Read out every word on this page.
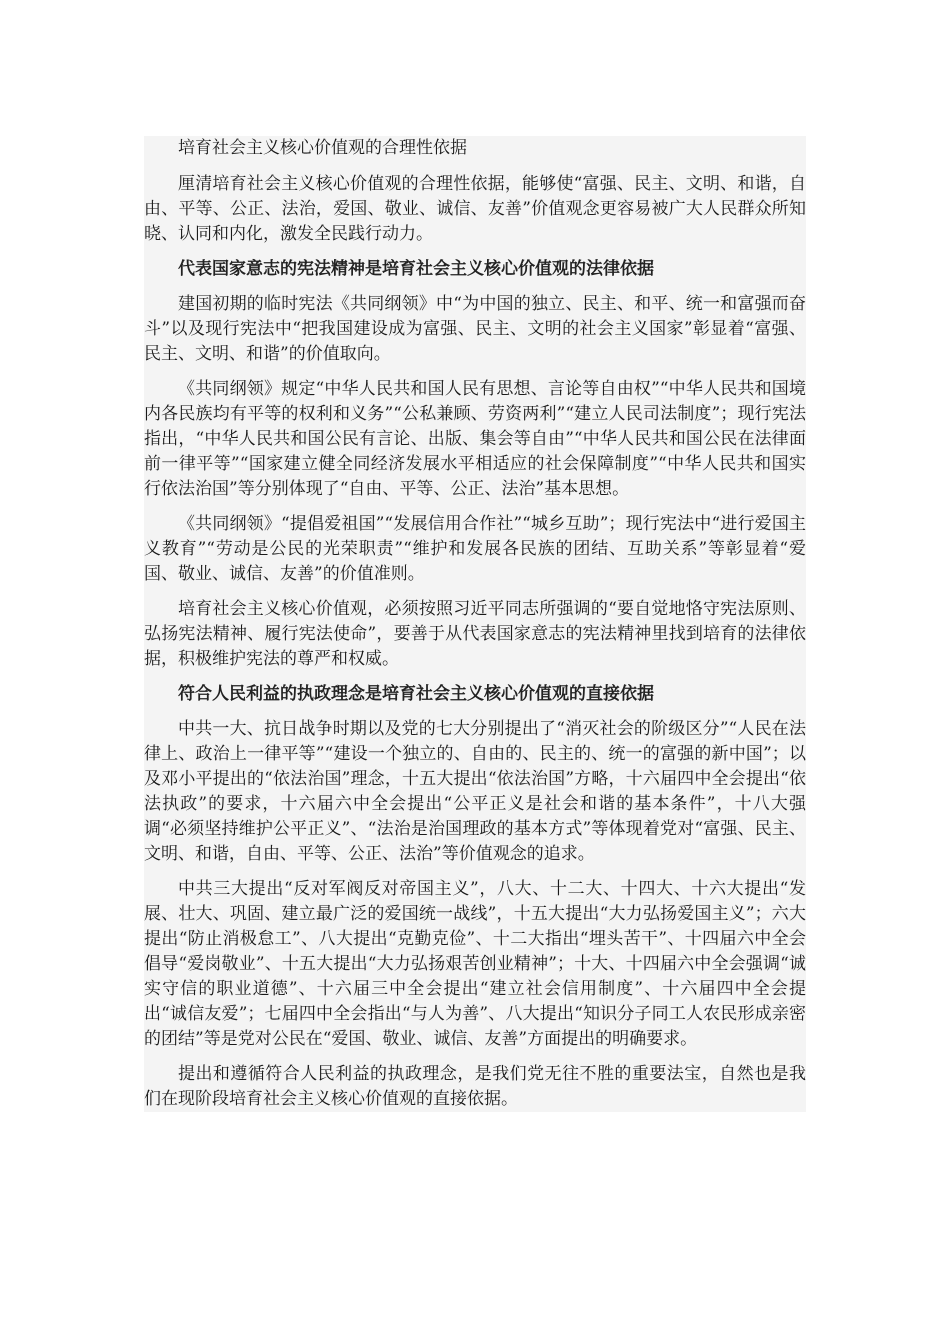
培育社会主义核心价值观的合理性依据

厘清培育社会主义核心价值观的合理性依据，能够使“富强、民主、文明、和谐，自由、平等、公正、法治，爱国、敬业、诚信、友善”价值观念更容易被广大人民群众所知晓、认同和内化，激发全民践行动力。

代表国家意志的宪法精神是培育社会主义核心价值观的法律依据

建国初期的临时宪法《共同纲领》中“为中国的独立、民主、和平、统一和富强而奋斗”以及现行宪法中“把我国建设成为富强、民主、文明的社会主义国家”彰显着“富强、民主、文明、和谐”的价值取向。

《共同纲领》规定“中华人民共和国人民有思想、言论等自由权”“中华人民共和国境内各民族均有平等的权利和义务”“公私兼顾、劳资两利”“建立人民司法制度”；现行宪法指出，“中华人民共和国公民有言论、出版、集会等自由”“中华人民共和国公民在法律面前一律平等”“国家建立健全同经济发展水平相适应的社会保障制度”“中华人民共和国实行依法治国”等分别体现了“自由、平等、公正、法治”基本思想。

《共同纲领》“提倡爱祖国”“发展信用合作社”“城乡互助”；现行宪法中“进行爱国主义教育”“劳动是公民的光荣职责”“维护和发展各民族的团结、互助关系”等彰显着“爱国、敬业、诚信、友善”的价值准则。

培育社会主义核心价值观，必须按照习近平同志所强调的“要自觉地恪守宪法原则、弘扬宪法精神、履行宪法使命”，要善于从代表国家意志的宪法精神里找到培育的法律依据，积极维护宪法的尊严和权威。

符合人民利益的执政理念是培育社会主义核心价值观的直接依据

中共一大、抗日战争时期以及党的七大分别提出了“消灭社会的阶级区分”“人民在法律上、政治上一律平等”“建设一个独立的、自由的、民主的、统一的富强的新中国”；以及邓小平提出的“依法治国”理念，十五大提出“依法治国”方略，十六届四中全会提出“依法执政”的要求，十六届六中全会提出“公平正义是社会和谐的基本条件”，十八大强调“必须坚持维护公平正义”、“法治是治国理政的基本方式”等体现着党对“富强、民主、文明、和谐，自由、平等、公正、法治”等价值观念的追求。

中共三大提出“反对军阀反对帝国主义”，八大、十二大、十四大、十六大提出“发展、壮大、巩固、建立最广泛的爱国统一战线”，十五大提出“大力弘扬爱国主义”；六大提出“防止消极怠工”、八大提出“克勤克俭”、十二大指出“埋头苦干”、十四届六中全会倡导“爱岗敬业”、十五大提出“大力弘扬艰苦创业精神”；十大、十四届六中全会强调“诚实守信的职业道德”、十六届三中全会提出“建立社会信用制度”、十六届四中全会提出“诚信友爱”；七届四中全会指出“与人为善”、八大提出“知识分子同工人农民形成亲密的团结”等是党对公民在“爱国、敬业、诚信、友善”方面提出的明确要求。

提出和遵循符合人民利益的执政理念，是我们党无往不胜的重要法宝，自然也是我们在现阶段培育社会主义核心价值观的直接依据。
